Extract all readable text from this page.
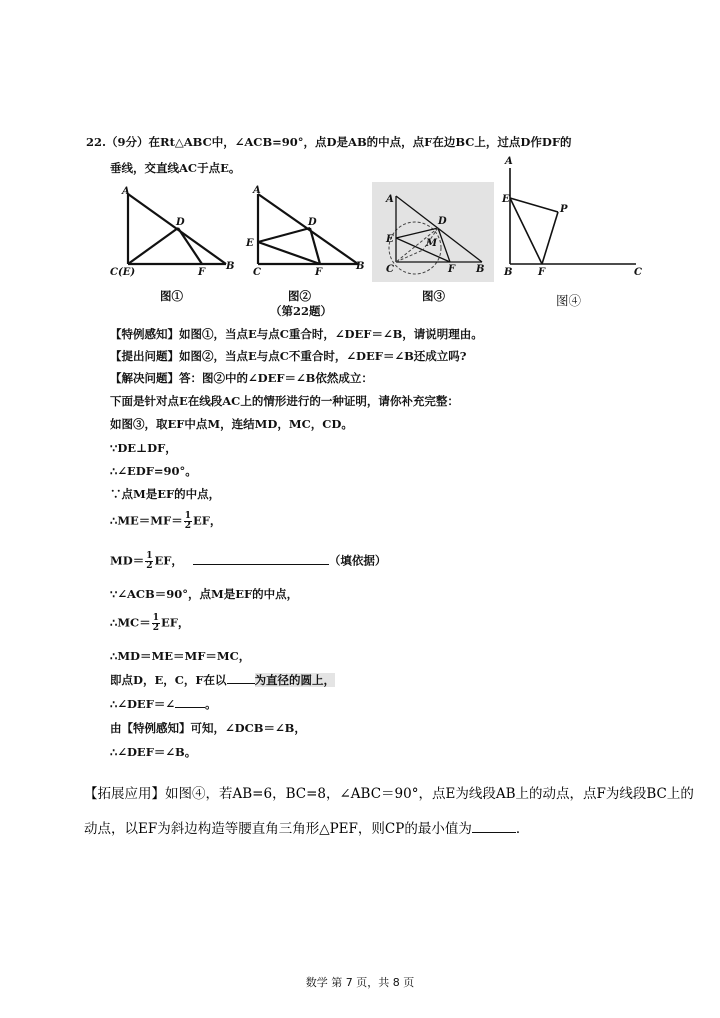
22.（9分）在Rt△ABC中，∠ACB=90°，点D是AB的中点，点F在边BC上，过点D作DF的
垂线，交直线AC于点E。
A
D
C(E)	F
B
A
D
E
C	F
B
A
D
E	M
C	F B
A
E
P
B	F	C
图①	图②	图③	图④
（第22题）
【特例感知】如图①，当点E与点C重合时，∠DEF＝∠B，请说明理由。
【提出问题】如图②，当点E与点C不重合时，∠DEF＝∠B还成立吗?
【解决问题】答：图②中的∠DEF＝∠B依然成立：
下面是针对点E在线段AC上的情形进行的一种证明，请你补充完整：
如图③，取EF中点M，连结MD，MC，CD。
∵DE⊥DF，
∴∠EDF=90°。
∵点M是EF的中点，
∴ME＝MF＝ $\frac{1}{2}$ EF，
$MD= \frac{1}{2}$ EF，	（填依据）
∵∠ACB＝90°，点M是EF的中点，
∴MC＝ $\frac{1}{2}$ EF，
∴MD＝ME＝MF＝MC，
即点D，E，C，F在以 为直径的圆上，
∴∠DEF＝∠	。
由【特例感知】可知，∠DCB＝∠B，
∴∠DEF＝∠B。
【拓展应用】如图④，若AB=6，BC=8，∠ABC＝90°，点E为线段AB上的动点，点F为线段BC上的
动点，以EF为斜边构造等腰直角三角形△PEF，则CP的最小值为	．
数学 第 7 页，共 8 页
